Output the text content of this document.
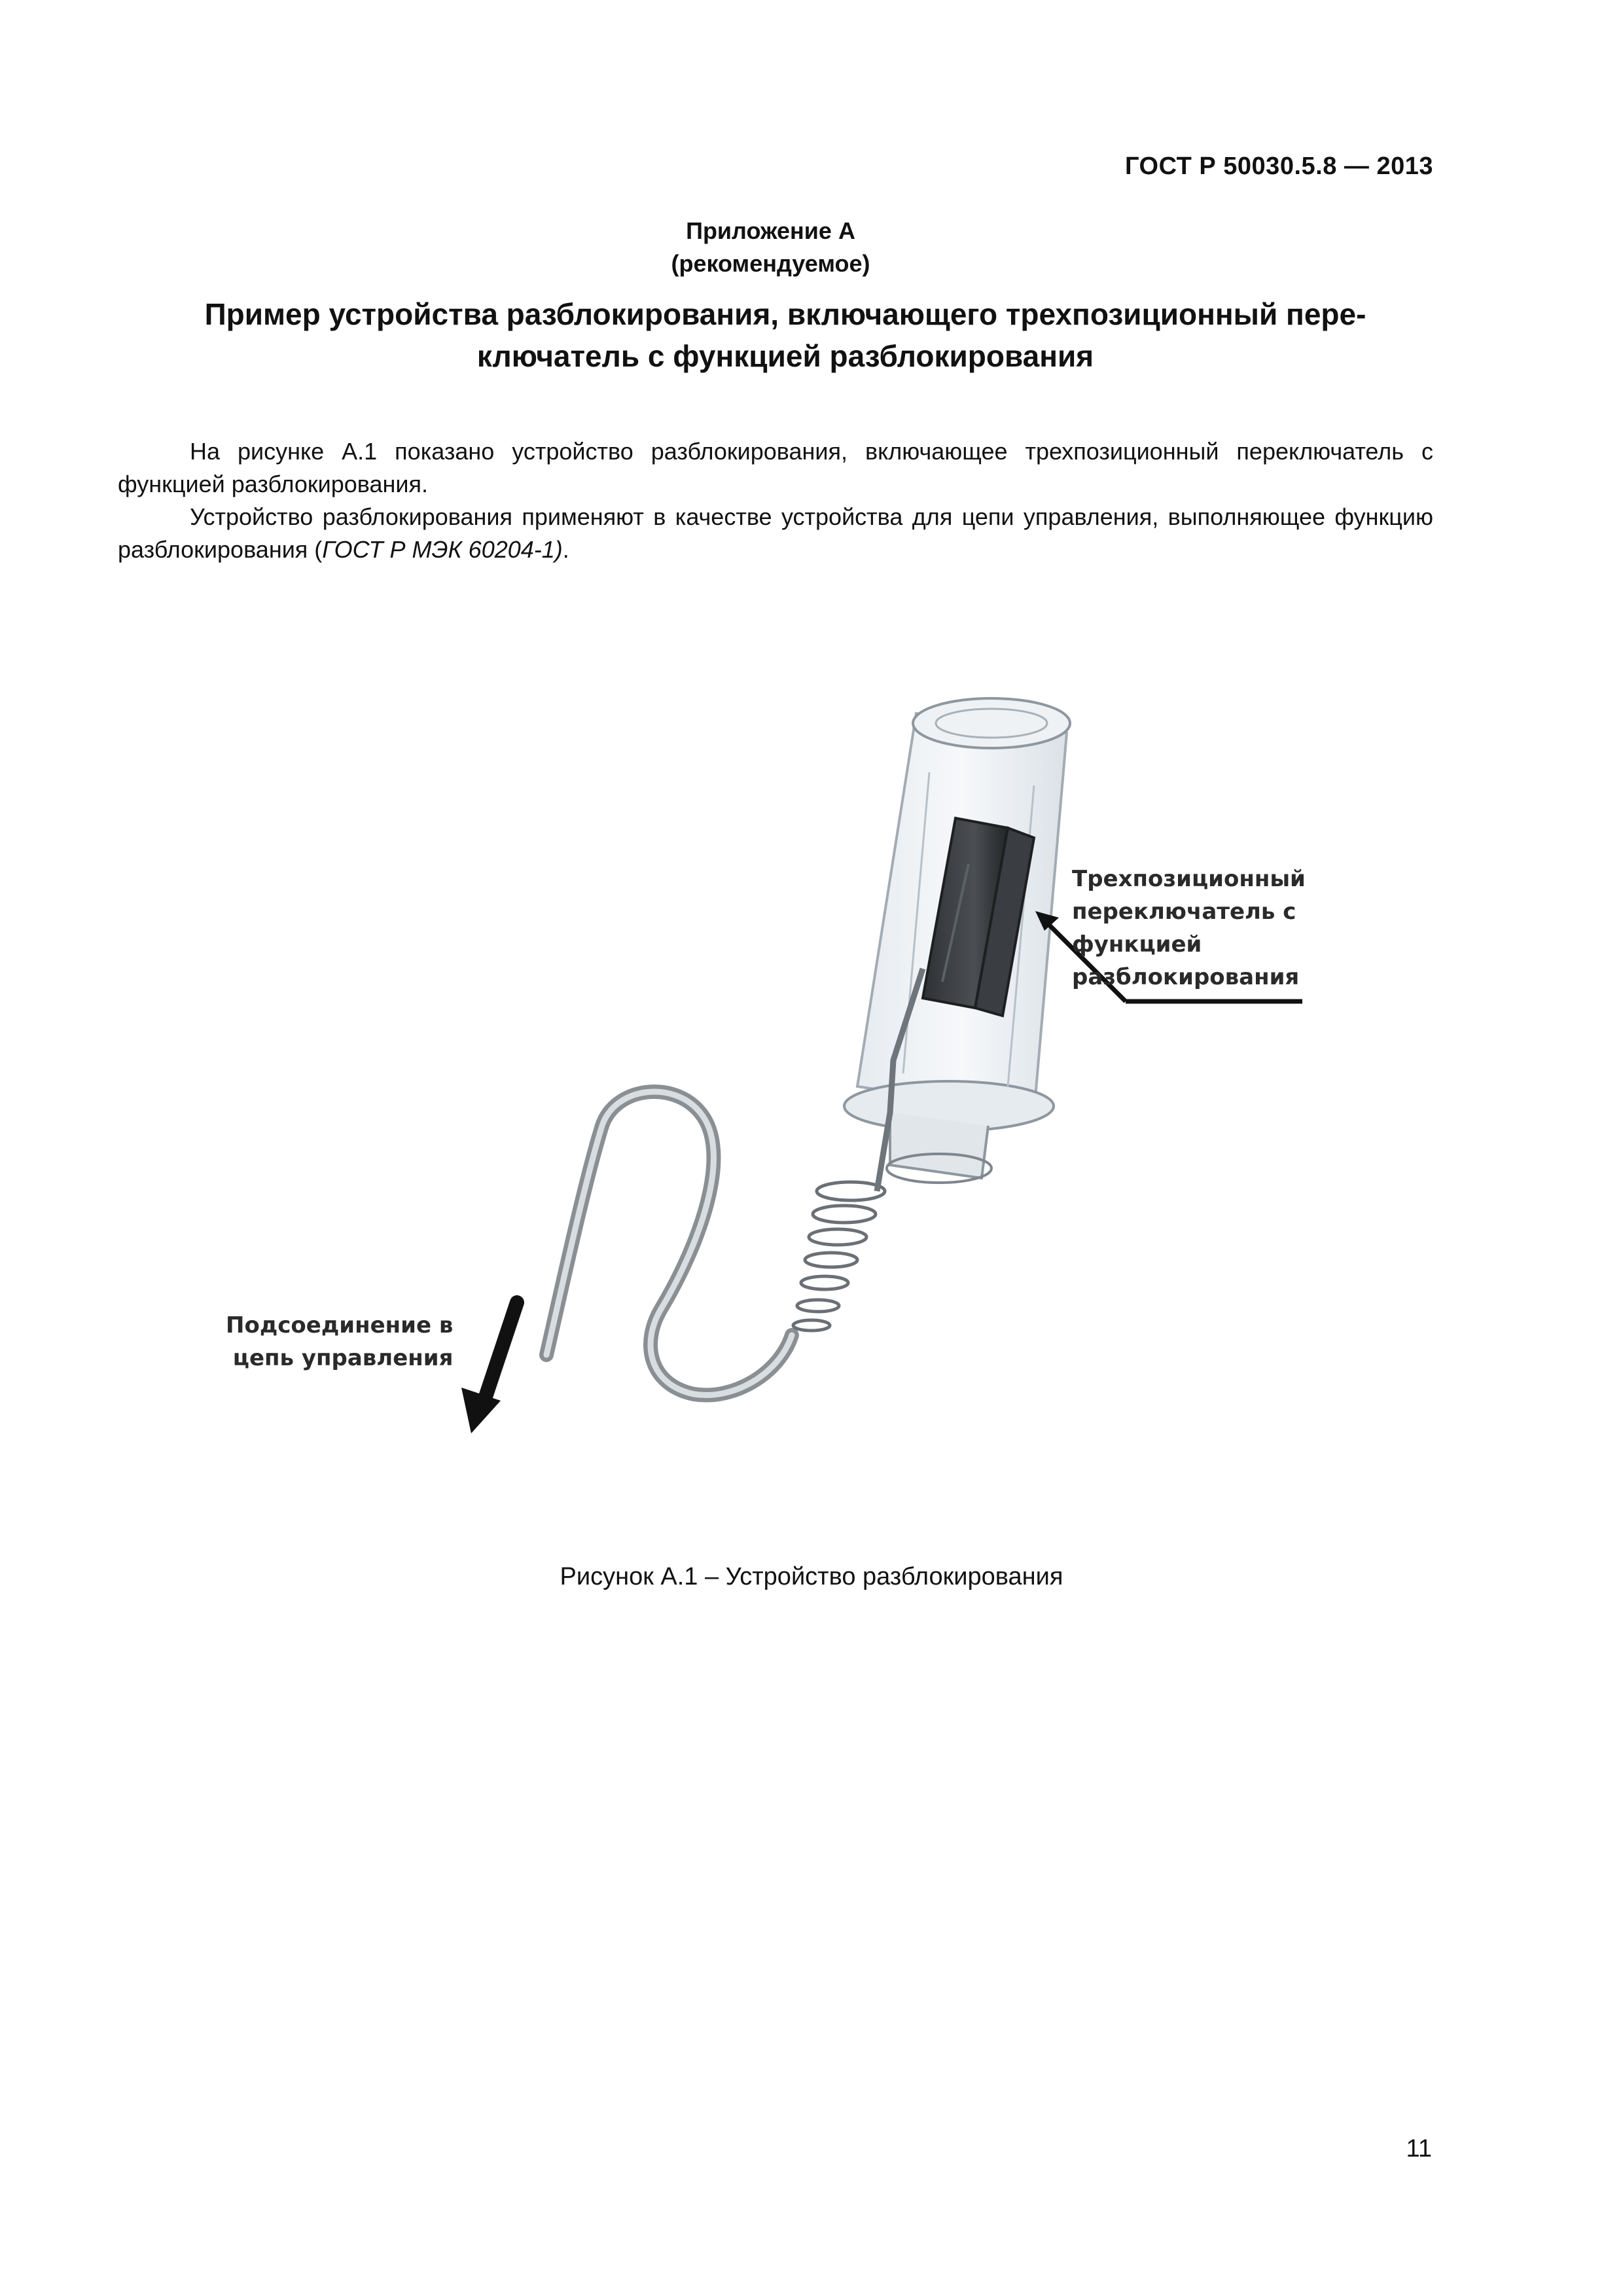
ГОСТ Р 50030.5.8 — 2013
Приложение А
(рекомендуемое)
Пример устройства разблокирования, включающего трехпозиционный пере-
ключатель с функцией разблокирования

На рисунке А.1 показано устройство разблокирования, включающее трехпозиционный переключатель с функцией разблокирования.

Устройство разблокирования применяют в качестве устройства для цепи управления, выполняющее функцию разблокирования (ГОСТ Р МЭК 60204-1).

Трехпозиционный
переключатель с
функцией
разблокирования
Подсоединение в
цепь управления
Рисунок А.1 – Устройство разблокирования
11
